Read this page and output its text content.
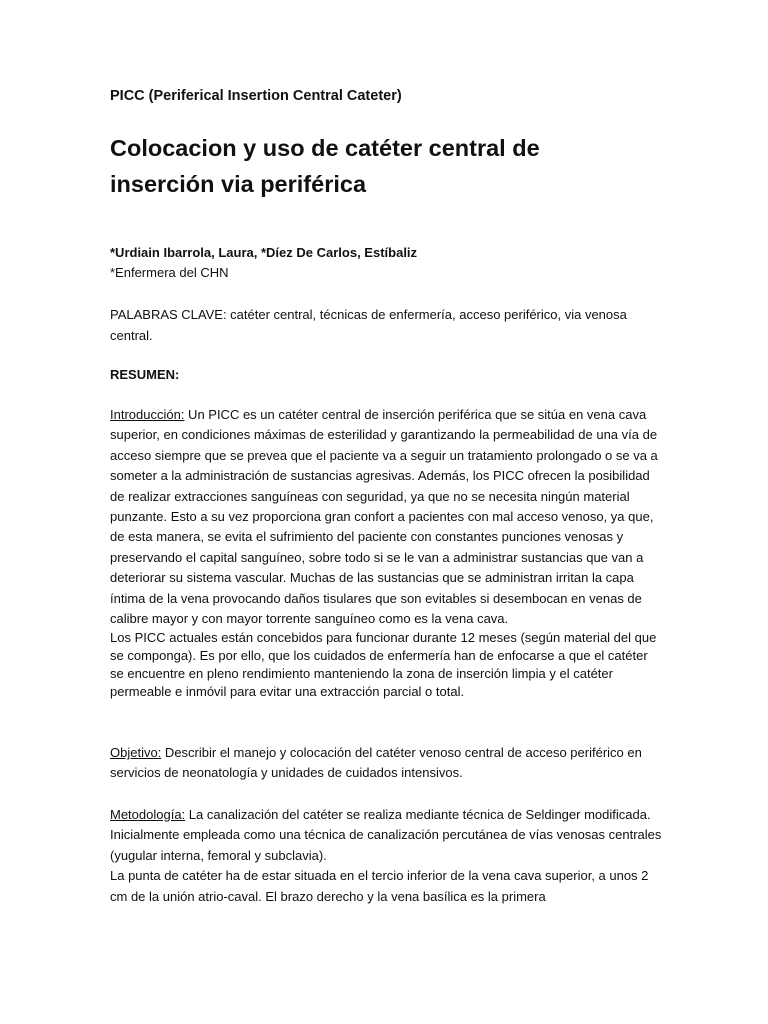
PICC (Periferical Insertion Central Cateter)
Colocacion y uso de catéter central de inserción via periférica
*Urdiain Ibarrola, Laura, *Díez De Carlos, Estíbaliz
*Enfermera del CHN
PALABRAS CLAVE: catéter central, técnicas de enfermería, acceso periférico, via venosa central.
RESUMEN:

Introducción: Un PICC es un catéter central de inserción periférica que se sitúa en vena cava superior, en condiciones máximas de esterilidad y garantizando la permeabilidad de una vía de acceso siempre que se prevea que el paciente va a seguir un tratamiento prolongado o se va a someter a la administración de sustancias agresivas. Además, los PICC ofrecen la posibilidad de realizar extracciones sanguíneas con seguridad, ya que no se necesita ningún material punzante. Esto a su vez proporciona gran confort a pacientes con mal acceso venoso, ya que, de esta manera, se evita el sufrimiento del paciente con constantes punciones venosas y preservando el capital sanguíneo, sobre todo si se le van a administrar sustancias que van a deteriorar su sistema vascular. Muchas de las sustancias que se administran irritan la capa íntima de la vena provocando daños tisulares que son evitables si desembocan en venas de calibre mayor y con mayor torrente sanguíneo como es la vena cava.

Los PICC actuales están concebidos para funcionar durante 12 meses (según material del que se componga). Es por ello, que los cuidados de enfermería han de enfocarse a que el catéter se encuentre en pleno rendimiento manteniendo la zona de inserción limpia y el catéter permeable e inmóvil para evitar una extracción parcial o total.

Objetivo: Describir el manejo y colocación del catéter venoso central de acceso periférico en servicios de neonatología y unidades de cuidados intensivos.

Metodología: La canalización del catéter se realiza mediante técnica de Seldinger modificada. Inicialmente empleada como una técnica de canalización percutánea de vías venosas centrales (yugular interna, femoral y subclavia).

La punta de catéter ha de estar situada en el tercio inferior de la vena cava superior, a unos 2 cm de la unión atrio-caval. El brazo derecho y la vena basílica es la primera
